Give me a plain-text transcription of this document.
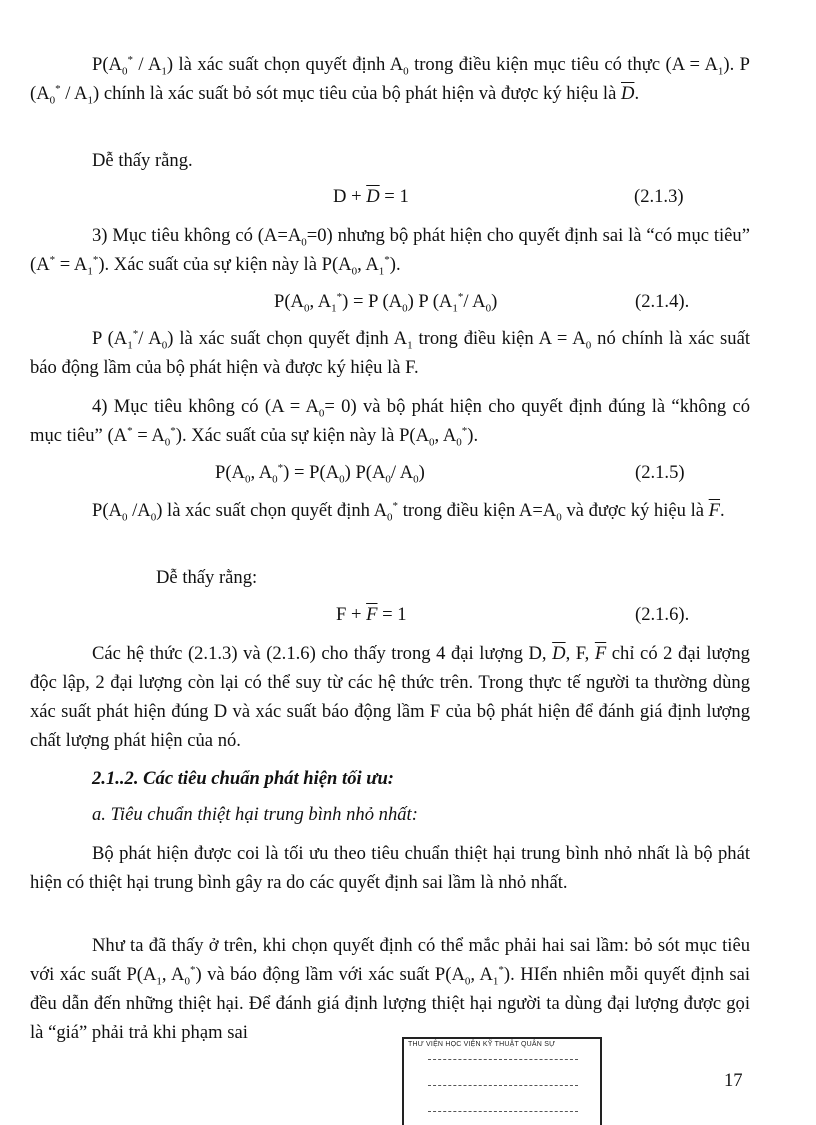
$P(A_0^* / A_1)$ là xác suất chọn quyết định $A_0$ trong điều kiện mục tiêu có thực $(A = A_1)$. P $(A_0^* / A_1)$ chính là xác suất bỏ sót mục tiêu của bộ phát hiện và được ký hiệu là $\overline{D}$.

Dễ thấy rằng.

$D + \overline{D} = 1$	(2.1.3)

3) Mục tiêu không có $(A=A_0=0)$ nhưng bộ phát hiện cho quyết định sai là “có mục tiêu” $(A^* = A_1^*)$. Xác suất của sự kiện này là $P(A_0$, $A_1^*$).

$P(A_0$, $A_1^*) = P$ $(A_0)$ P ($A_1^*/$ $A_0$)	(2.1.4).

P ($A_1^*/$ $A_0$) là xác suất chọn quyết định $A_1$ trong điều kiện $A = A_0$ nó chính là xác suất báo động lầm của bộ phát hiện và được ký hiệu là F.

4) Mục tiêu không có $(A = A_0= 0)$ và bộ phát hiện cho quyết định đúng là “không có mục tiêu” $(A^* = A_0^*)$. Xác suất của sự kiện này là $P(A_0$, $A_0^*$).

$P(A_0$, $A_0^*) = P(A_0)$ $P(A_0/$ $A_0$)	(2.1.5)

$P(A_0$ $/A_0$) là xác suất chọn quyết định $A_0^*$ trong điều kiện $A=A_0$ và được ký hiệu là $\overline{F}$.

Dễ thấy rằng:

$F + \overline{F} = 1$	(2.1.6).

Các hệ thức (2.1.3) và (2.1.6) cho thấy trong 4 đại lượng D, $\overline{D}$, F, $\overline{F}$ chỉ có 2 đại lượng độc lập, 2 đại lượng còn lại có thể suy từ các hệ thức trên. Trong thực tế người ta thường dùng xác suất phát hiện đúng D và xác suất báo động lầm F của bộ phát hiện để đánh giá định lượng chất lượng phát hiện của nó.

2.1..2. Các tiêu chuẩn phát hiện tối ưu:

a. Tiêu chuẩn thiệt hại trung bình nhỏ nhất:

Bộ phát hiện được coi là tối ưu theo tiêu chuẩn thiệt hại trung bình nhỏ nhất là bộ phát hiện có thiệt hại trung bình gây ra do các quyết định sai lầm là nhỏ nhất.

Như ta đã thấy ở trên, khi chọn quyết định có thể mắc phải hai sai lầm: bỏ sót mục tiêu với xác suất $P(A_1$, $A_0^*$) và báo động lầm với xác suất $P(A_0$, $A_1^*$). HIển nhiên mỗi quyết định sai đều dẫn đến những thiệt hại. Để đánh giá định lượng thiệt hại người ta dùng đại lượng được gọi là “giá” phải trả khi phạm sai

THƯ VIỆN HỌC VIỆN KỸ THUẬT QUÂN SỰ
17
